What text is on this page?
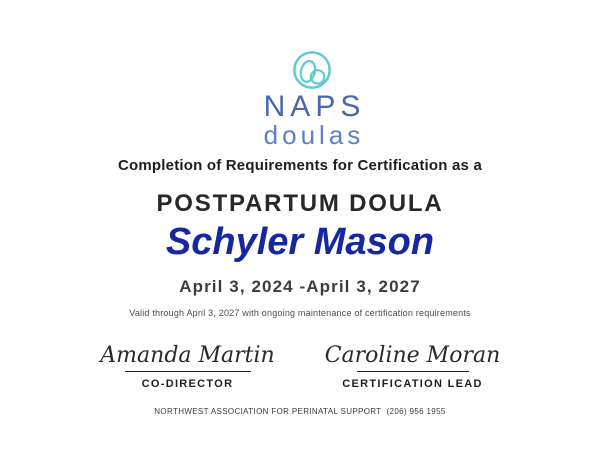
NAPS
doulas
Completion of Requirements for Certification as a
POSTPARTUM DOULA
Schyler Mason
April 3, 2024 -April 3, 2027
Valid through April 3, 2027 with ongoing maintenance of certification requirements
Amanda Martin
CO-DIRECTOR
Caroline Moran
CERTIFICATION LEAD
NORTHWEST ASSOCIATION FOR PERINATAL SUPPORT  (206) 956 1955
